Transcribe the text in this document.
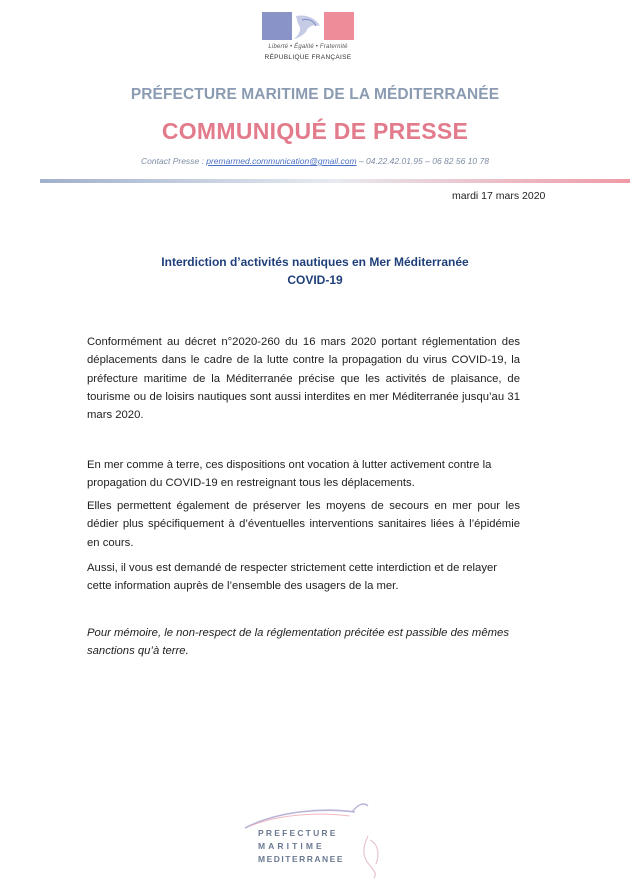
Liberté • Égalité • Fraternité
RÉPUBLIQUE FRANÇAISE
PRÉFECTURE MARITIME DE LA MÉDITERRANÉE
COMMUNIQUÉ DE PRESSE
Contact Presse : premarmed.communication@gmail.com – 04.22.42.01.95 – 06 82 56 10 78
mardi 17 mars 2020
Interdiction d’activités nautiques en Mer Méditerranée
COVID-19
Conformément au décret n°2020-260 du 16 mars 2020 portant réglementation des déplacements dans le cadre de la lutte contre la propagation du virus COVID-19, la préfecture maritime de la Méditerranée précise que les activités de plaisance, de tourisme ou de loisirs nautiques sont aussi interdites en mer Méditerranée jusqu’au 31 mars 2020.
En mer comme à terre, ces dispositions ont vocation à lutter activement contre la propagation du COVID-19 en restreignant tous les déplacements.
Elles permettent également de préserver les moyens de secours en mer pour les dédier plus spécifiquement à d’éventuelles interventions sanitaires liées à l’épidémie en cours.
Aussi, il vous est demandé de respecter strictement cette interdiction et de relayer cette information auprès de l’ensemble des usagers de la mer.
Pour mémoire, le non-respect de la réglementation précitée est passible des mêmes sanctions qu’à terre.
PREFECTURE
MARITIME
MEDITERRANEE
